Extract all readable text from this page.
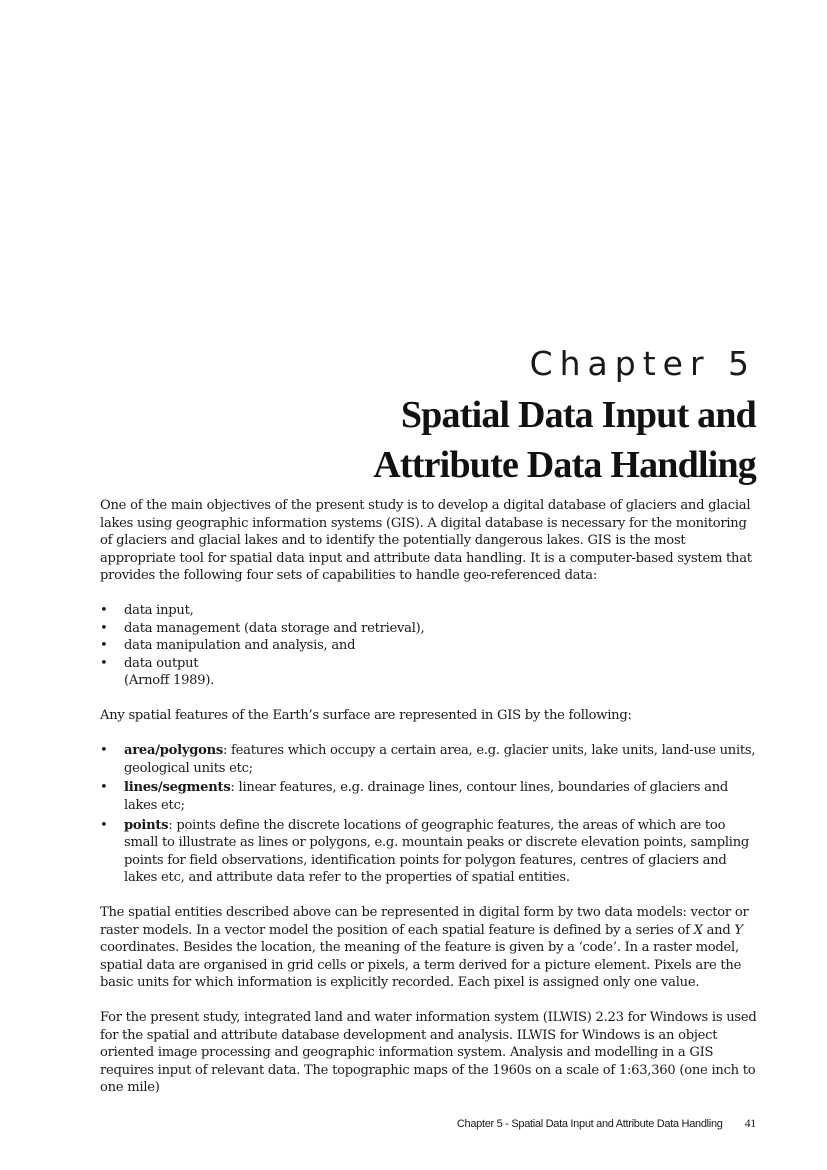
Chapter 5
Spatial Data Input and
Attribute Data Handling

One of the main objectives of the present study is to develop a digital database of glaciers and glacial lakes using geographic information systems (GIS). A digital database is necessary for the monitoring of glaciers and glacial lakes and to identify the potentially dangerous lakes. GIS is the most appropriate tool for spatial data input and attribute data handling. It is a computer-based system that provides the following four sets of capabilities to handle geo-referenced data:

• data input,
• data management (data storage and retrieval),
• data manipulation and analysis, and
• data output
(Arnoff 1989).

Any spatial features of the Earth’s surface are represented in GIS by the following:

• area/polygons: features which occupy a certain area, e.g. glacier units, lake units, land-use units, geological units etc;
• lines/segments: linear features, e.g. drainage lines, contour lines, boundaries of glaciers and lakes etc;
• points: points define the discrete locations of geographic features, the areas of which are too small to illustrate as lines or polygons, e.g. mountain peaks or discrete elevation points, sampling points for field observations, identification points for polygon features, centres of glaciers and lakes etc, and attribute data refer to the properties of spatial entities.

The spatial entities described above can be represented in digital form by two data models: vector or raster models. In a vector model the position of each spatial feature is defined by a series of X and Y coordinates. Besides the location, the meaning of the feature is given by a ‘code’. In a raster model, spatial data are organised in grid cells or pixels, a term derived for a picture element. Pixels are the basic units for which information is explicitly recorded. Each pixel is assigned only one value.

For the present study, integrated land and water information system (ILWIS) 2.23 for Windows is used for the spatial and attribute database development and analysis. ILWIS for Windows is an object oriented image processing and geographic information system. Analysis and modelling in a GIS requires input of relevant data. The topographic maps of the 1960s on a scale of 1:63,360 (one inch to one mile)

Chapter 5 - Spatial Data Input and Attribute Data Handling 41
